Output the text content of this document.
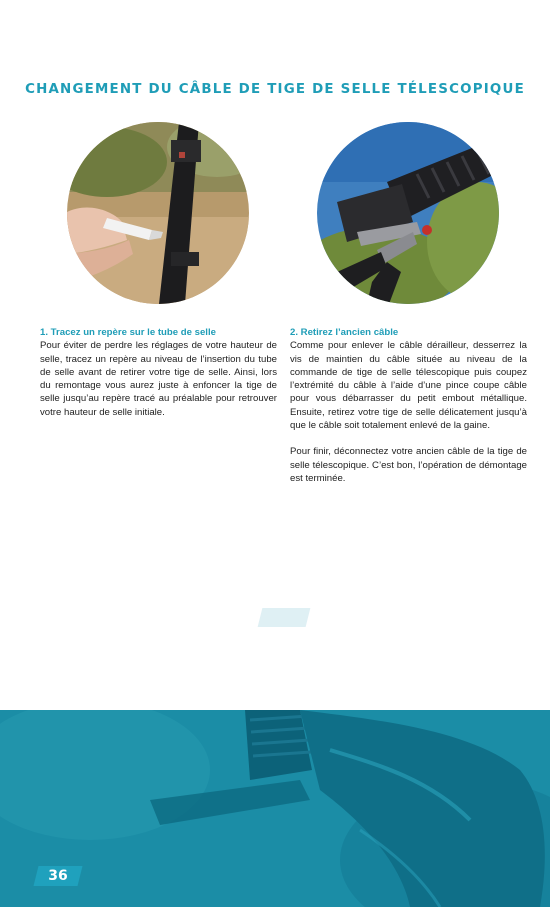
CHANGEMENT DU CÂBLE DE TIGE DE SELLE TÉLESCOPIQUE
1. Tracez un repère sur le tube de selle

Pour éviter de perdre les réglages de votre hauteur de selle, tracez un repère au niveau de l’insertion du tube de selle avant de retirer votre tige de selle. Ainsi, lors du remontage vous aurez juste à enfoncer la tige de selle jusqu’au repère tracé au préalable pour retrouver votre hauteur de selle initiale.

2. Retirez l’ancien câble

Comme pour enlever le câble dérailleur, desserrez la vis de maintien du câble située au niveau de la commande de tige de selle télescopique puis coupez l’extrémité du câble à l’aide d’une pince coupe câble pour vous débarrasser du petit embout métallique. Ensuite, retirez votre tige de selle délicatement jusqu’à que le câble soit totalement enlevé de la gaine.

Pour finir, déconnectez votre ancien câble de la tige de selle télescopique. C’est bon, l’opération de démontage est terminée.

36
